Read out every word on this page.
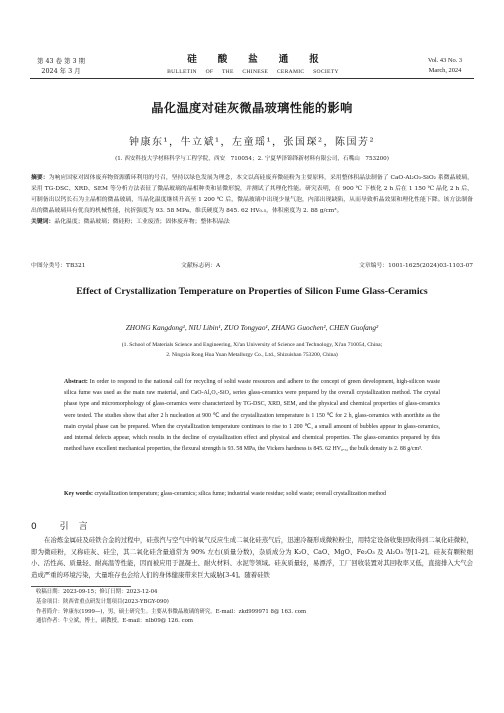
第 43 卷 第 3 期
2024 年 3 月
硅酸盐通报
BULLETIN OF THE CHINESE CERAMIC SOCIETY
Vol. 43 No. 3
March, 2024
晶化温度对硅灰微晶玻璃性能的影响
钟康东¹，牛立斌¹，左童瑶¹，张国琛²，陈国芳²
(1. 西安科技大学材料科学与工程学院，西安　710054；2. 宁夏华泽锦锋新材料有限公司，石嘴山　753200)
摘要：为响应国家对固体废弃物资源循环利用的号召，坚持以绿色发展为理念，本文以高硅废弃微硅粉为主要原料，采用整体积晶法制备了 CaO-Al₂O₃-SiO₂ 系微晶玻璃，采用 TG-DSC、XRD、SEM 等分析方法表征了微晶玻璃的晶相种类和显微形貌，并测试了其理化性能。研究表明，在 900 ℃ 下核化 2 h 后在 1 150 ℃ 晶化 2 h 后，可制备出以钙长石为主晶相的微晶玻璃，当晶化温度继续升高至 1 200 ℃ 后，微晶玻璃中出现少量气泡，内部出现缺陷，从而导致析晶效果和理化性能下降。该方法制备出的微晶玻璃具有优良的机械性能，抗折强度为 93. 58 MPa，维氏硬度为 845. 62 HV₀.₅，体积密度为 2. 88 g/cm³。
关键词：晶化温度；微晶玻璃；微硅粉；工业废渣；固体废弃物；整体积晶法
中图分类号：TB321	文献标志码：A	文章编号：1001-1625(2024)03-1103-07
Effect of Crystallization Temperature on Properties of Silicon Fume Glass-Ceramics
ZHONG Kangdong¹, NIU Libin¹, ZUO Tongyao¹, ZHANG Guochen², CHEN Guofang²
(1. School of Materials Science and Engineering, Xi'an University of Science and Technology, Xi'an 710054, China;
2. Ningxia Rong Hua Yuan Metallurgy Co., Ltd., Shizuishan 753200, China)
Abstract: In order to respond to the national call for recycling of solid waste resources and adhere to the concept of green development, high-silicon waste silica fume was used as the main raw material, and CaO-Al₂O₃-SiO₂ series glass-ceramics were prepared by the overall crystallization method. The crystal phase type and micromorphology of glass-ceramics were characterized by TG-DSC, XRD, SEM, and the physical and chemical properties of glass-ceramics were tested. The studies show that after 2 h nucleation at 900 ℃ and the crystallization temperature is 1 150 ℃ for 2 h, glass-ceramics with anorthite as the main crystal phase can be prepared. When the crystallization temperature continues to rise to 1 200 ℃, a small amount of bubbles appear in glass-ceramics, and internal defects appear, which results in the decline of crystallization effect and physical and chemical properties. The glass-ceramics prepared by this method have excellent mechanical properties, the flexural strength is 93. 58 MPa, the Vickers hardness is 845. 62 HV₀.₅, the bulk density is 2. 88 g/cm³.
Key words: crystallization temperature; glass-ceramics; silica fume; industrial waste residue; solid waste; overall crystallization method
0 引言
在冶炼金属硅及硅铁合金的过程中，硅蒸汽与空气中的氧气反应生成二氧化硅蒸气后，迅速冷凝形成微粒粉尘，用特定设备收集回收得到二氧化硅微粒，即为微硅粉，又称硅灰、硅尘，其二氧化硅含量通常为 90% 左右(质量分数)，杂质成分为 K₂O、CaO、MgO、Fe₂O₃ 及 Al₂O₃ 等[1-2]。硅灰有颗粒细小、活性高、质量轻、耐高温等性能，因而被应用于混凝土、耐火材料、水泥等领域。硅灰质量轻，易漂浮，工厂回收装置对其回收率又低，直接排入大气会造成严重的环境污染，大量堆存也会给人们的身体健康带来巨大威胁[3-4]。随着硅铁
收稿日期：2023-09-15；修订日期：2023-12-04
基金项目：陕西省重点研发计划项目(2023-YBGY-090)
作者简介：钟康东(1999—)，男，硕士研究生。主要从事微晶玻璃的研究。E-mail：zkd999971 8@ 163. com
通信作者：牛立斌，博士，副教授。E-mail：nlb09@ 126. com
